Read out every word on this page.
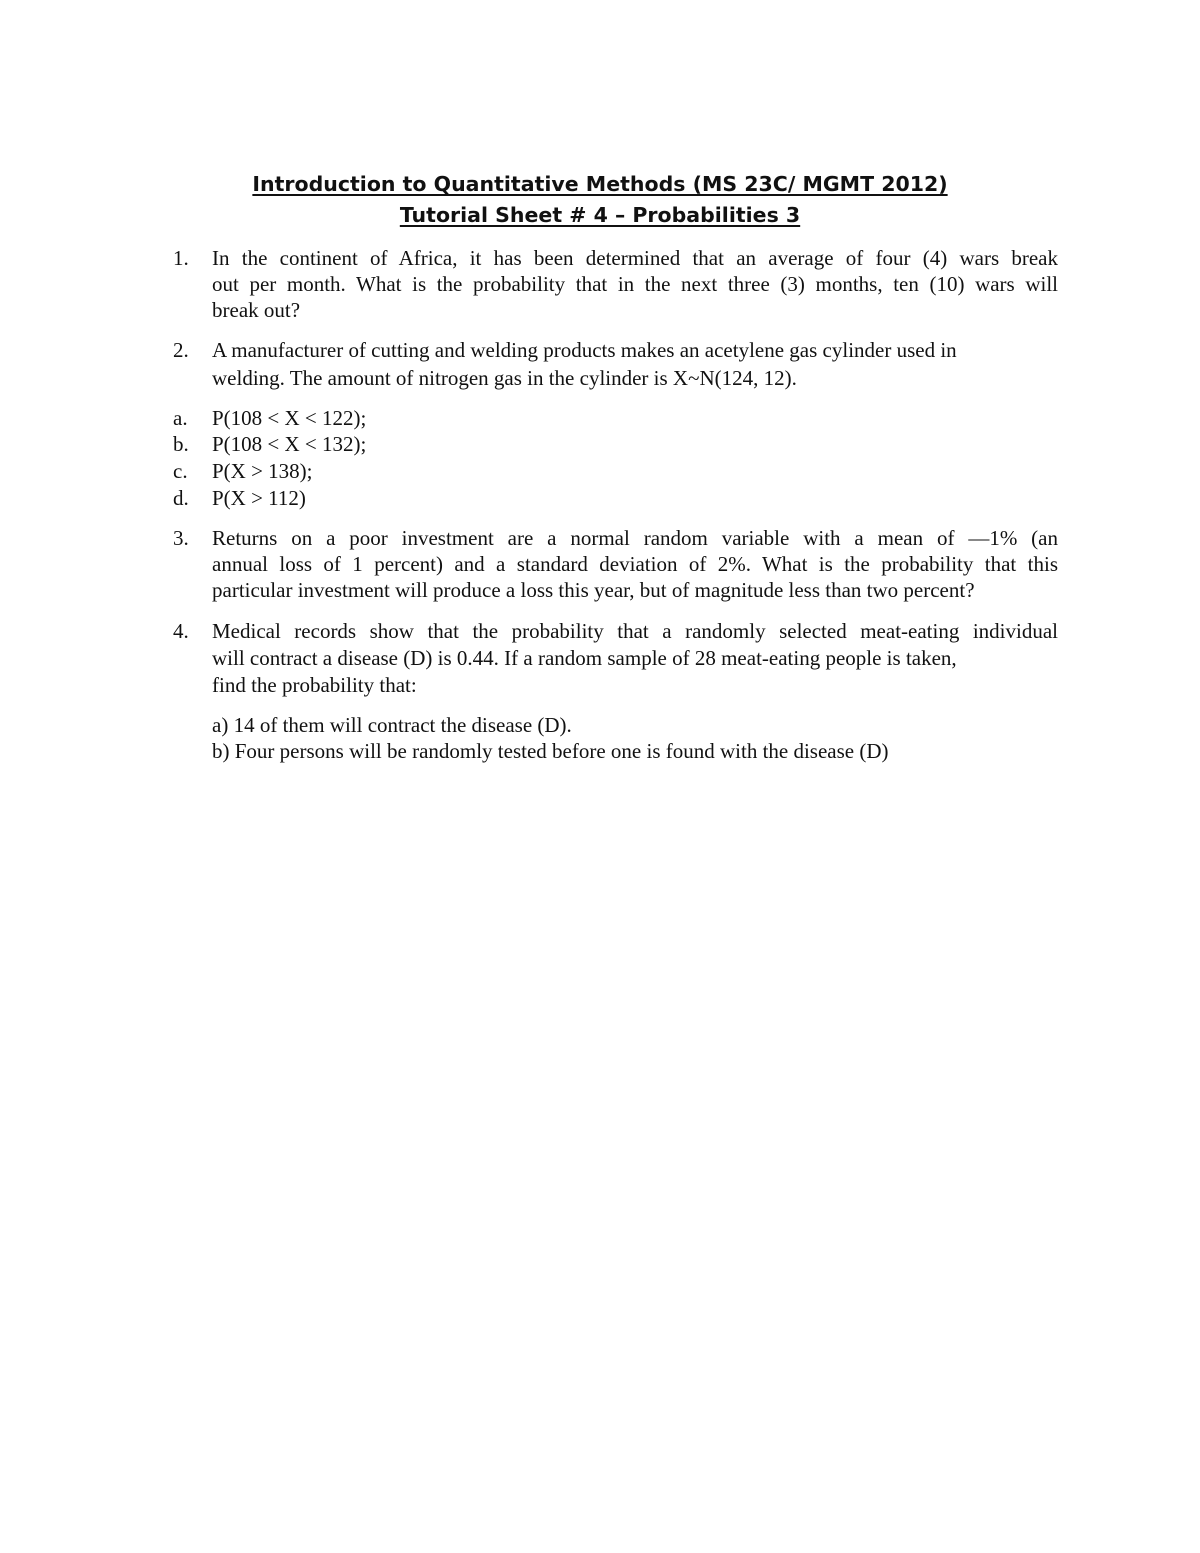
Introduction to Quantitative Methods (MS 23C/ MGMT 2012)
Tutorial Sheet # 4 – Probabilities 3
1. In the continent of Africa, it has been determined that an average of four (4) wars break
out per month. What is the probability that in the next three (3) months, ten (10) wars will
break out?
2. A manufacturer of cutting and welding products makes an acetylene gas cylinder used in
welding. The amount of nitrogen gas in the cylinder is X~N(124, 12).
a. P(108 < X < 122);
b. P(108 < X < 132);
c. P(X > 138);
d. P(X > 112)
3. Returns on a poor investment are a normal random variable with a mean of —1% (an
annual loss of 1 percent) and a standard deviation of 2%. What is the probability that this
particular investment will produce a loss this year, but of magnitude less than two percent?
4. Medical records show that the probability that a randomly selected meat-eating individual
will contract a disease (D) is 0.44. If a random sample of 28 meat-eating people is taken,
find the probability that:
a) 14 of them will contract the disease (D).
b) Four persons will be randomly tested before one is found with the disease (D)
